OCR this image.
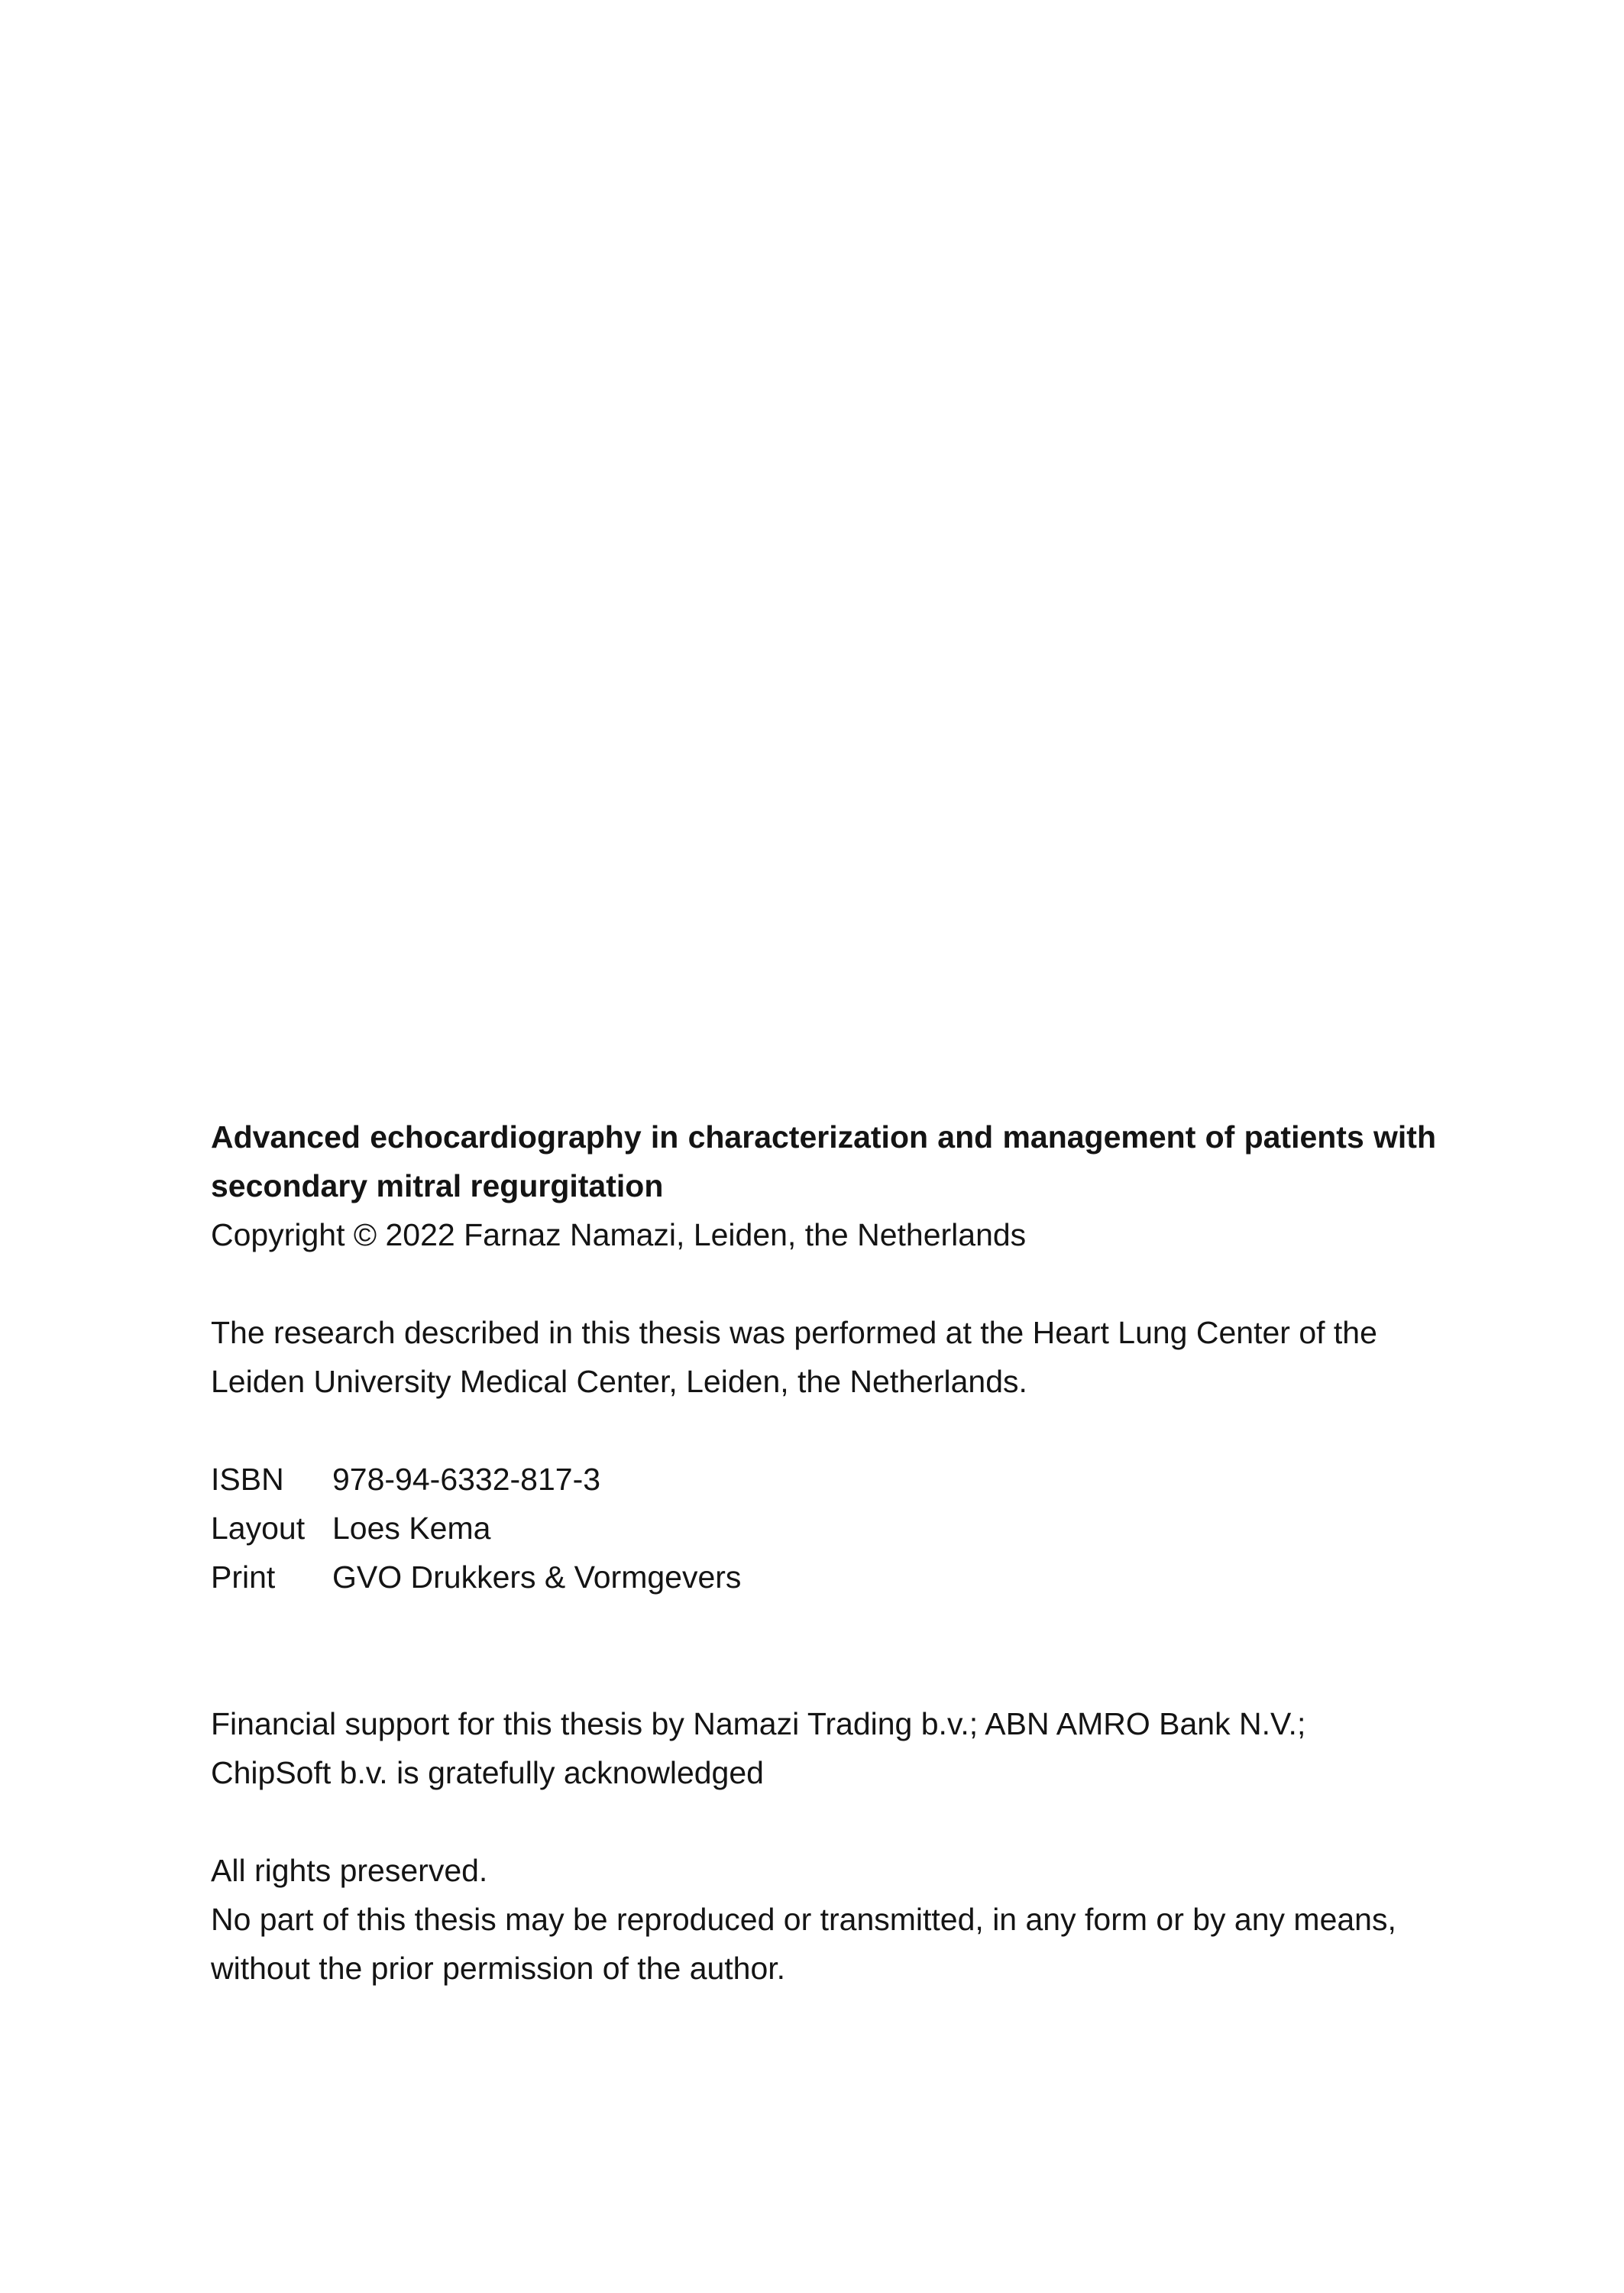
Advanced echocardiography in characterization and management of patients with secondary mitral regurgitation

Copyright © 2022 Farnaz Namazi, Leiden, the Netherlands

The research described in this thesis was performed at the Heart Lung Center of the

Leiden University Medical Center, Leiden, the Netherlands.

ISBN	978-94-6332-817-3
Layout Loes Kema
Print	GVO Drukkers & Vormgevers

Financial support for this thesis by Namazi Trading b.v.; ABN AMRO Bank N.V.;

ChipSoft b.v. is gratefully acknowledged

All rights preserved.

No part of this thesis may be reproduced or transmitted, in any form or by any means,

without the prior permission of the author.
